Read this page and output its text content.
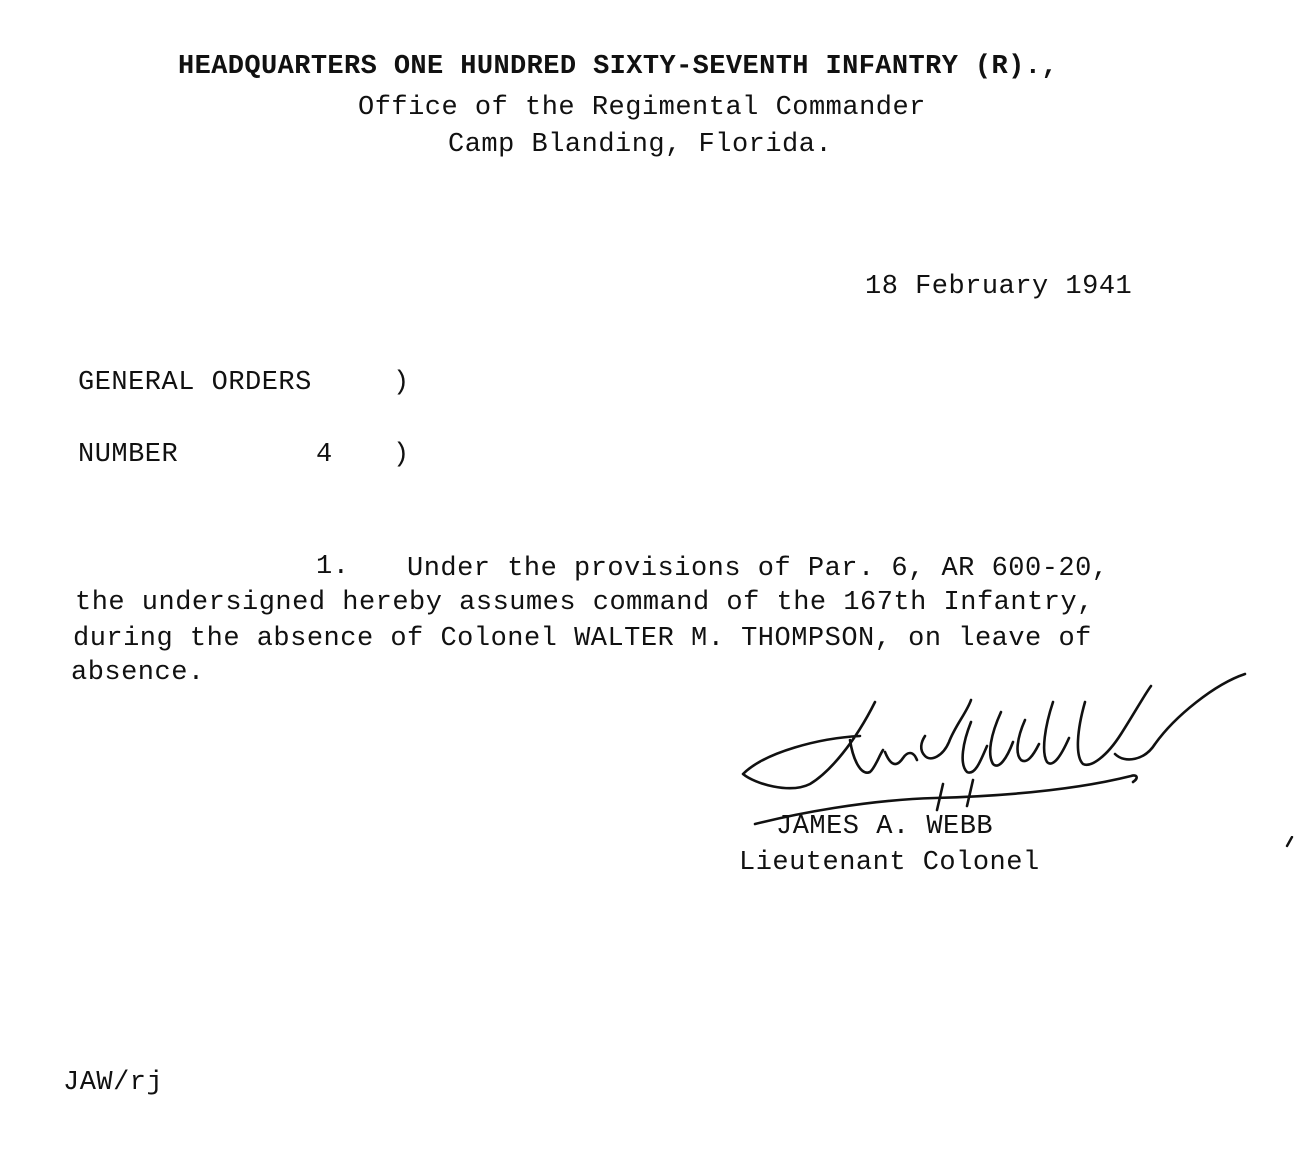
HEADQUARTERS ONE HUNDRED SIXTY-SEVENTH INFANTRY (R).,
Office of the Regimental Commander
Camp Blanding, Florida.
18 February 1941
GENERAL ORDERS	)
NUMBER	4 )
1. Under the provisions of Par. 6, AR 600-20,
the undersigned hereby assumes command of the 167th Infantry,
during the absence of Colonel WALTER M. THOMPSON, on leave of
absence.
JAMES A. WEBB
Lieutenant Colonel
JAW/rj
